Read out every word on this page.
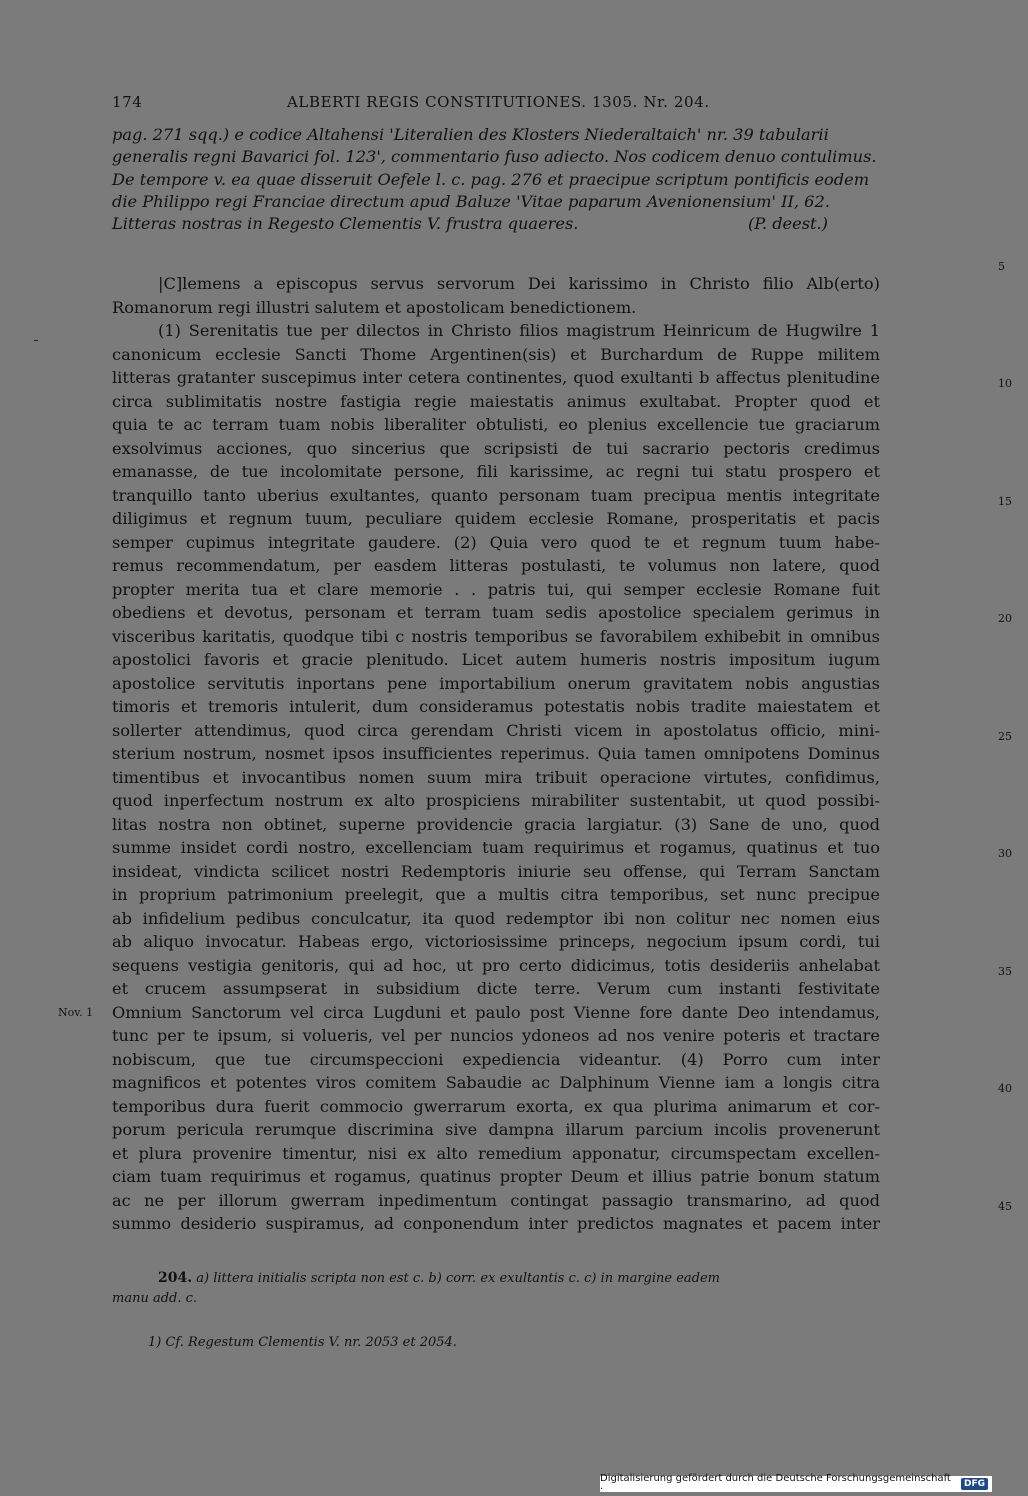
174	ALBERTI REGIS CONSTITUTIONES. 1305. Nr. 204.

pag. 271 sqq.) e codice Altahensi 'Literalien des Klosters Niederaltaich' nr. 39 tabularii

generalis regni Bavarici fol. 123', commentario fuso adiecto. Nos codicem denuo contulimus.

De tempore v. ea quae disseruit Oefele l. c. pag. 276 et praecipue scriptum pontificis eodem

die Philippo regi Franciae directum apud Baluze 'Vitae paparum Avenionensium' II, 62.

Litteras nostras in Regesto Clementis V. frustra quaeres.	(P. deest.)
|C]lemens a episcopus servus servorum Dei karissimo in Christo filio Alb(erto)
Romanorum regi illustri salutem et apostolicam benedictionem.
(1) Serenitatis tue per dilectos in Christo filios magistrum Heinricum de Hugwilre 1
canonicum ecclesie Sancti Thome Argentinen(sis) et Burchardum de Ruppe militem
litteras gratanter suscepimus inter cetera continentes, quod exultanti b affectus plenitudine
circa sublimitatis nostre fastigia regie maiestatis animus exultabat. Propter quod et
quia te ac terram tuam nobis liberaliter obtulisti, eo plenius excellencie tue graciarum
exsolvimus acciones, quo sincerius que scripsisti de tui sacrario pectoris credimus
emanasse, de tue incolomitate persone, fili karissime, ac regni tui statu prospero et
tranquillo tanto uberius exultantes, quanto personam tuam precipua mentis integritate
diligimus et regnum tuum, peculiare quidem ecclesie Romane, prosperitatis et pacis
semper cupimus integritate gaudere. (2) Quia vero quod te et regnum tuum habe-
remus recommendatum, per easdem litteras postulasti, te volumus non latere, quod
propter merita tua et clare memorie . . patris tui, qui semper ecclesie Romane fuit
obediens et devotus, personam et terram tuam sedis apostolice specialem gerimus in
visceribus karitatis, quodque tibi c nostris temporibus se favorabilem exhibebit in omnibus
apostolici favoris et gracie plenitudo. Licet autem humeris nostris impositum iugum
apostolice servitutis inportans pene importabilium onerum gravitatem nobis angustias
timoris et tremoris intulerit, dum consideramus potestatis nobis tradite maiestatem et
sollerter attendimus, quod circa gerendam Christi vicem in apostolatus officio, mini-
sterium nostrum, nosmet ipsos insufficientes reperimus. Quia tamen omnipotens Dominus
timentibus et invocantibus nomen suum mira tribuit operacione virtutes, confidimus,
quod inperfectum nostrum ex alto prospiciens mirabiliter sustentabit, ut quod possibi-
litas nostra non obtinet, superne providencie gracia largiatur. (3) Sane de uno, quod
summe insidet cordi nostro, excellenciam tuam requirimus et rogamus, quatinus et tuo
insideat, vindicta scilicet nostri Redemptoris iniurie seu offense, qui Terram Sanctam
in proprium patrimonium preelegit, que a multis citra temporibus, set nunc precipue
ab infidelium pedibus conculcatur, ita quod redemptor ibi non colitur nec nomen eius
ab aliquo invocatur. Habeas ergo, victoriosissime princeps, negocium ipsum cordi, tui
sequens vestigia genitoris, qui ad hoc, ut pro certo didicimus, totis desideriis anhelabat
et crucem assumpserat in subsidium dicte terre. Verum cum instanti festivitate
Omnium Sanctorum vel circa Lugduni et paulo post Vienne fore dante Deo intendamus,
tunc per te ipsum, si volueris, vel per nuncios ydoneos ad nos venire poteris et tractare
nobiscum, que tue circumspeccioni expediencia videantur. (4) Porro cum inter
magnificos et potentes viros comitem Sabaudie ac Dalphinum Vienne iam a longis citra
temporibus dura fuerit commocio gwerrarum exorta, ex qua plurima animarum et cor-
porum pericula rerumque discrimina sive dampna illarum parcium incolis provenerunt
et plura provenire timentur, nisi ex alto remedium apponatur, circumspectam excellen-
ciam tuam requirimus et rogamus, quatinus propter Deum et illius patrie bonum statum
ac ne per illorum gwerram inpedimentum contingat passagio transmarino, ad quod
summo desiderio suspiramus, ad conponendum inter predictos magnates et pacem inter
5
10
15
20
25
30
35
40
45
204. a) littera initialis scripta non est c. b) corr. ex exultantis c. c) in margine eadem
manu add. c.
1) Cf. Regestum Clementis V. nr. 2053 et 2054.
Digitalisierung gefördert durch die Deutsche Forschungsgemeinschaft ·	DFG
Nov. 1
